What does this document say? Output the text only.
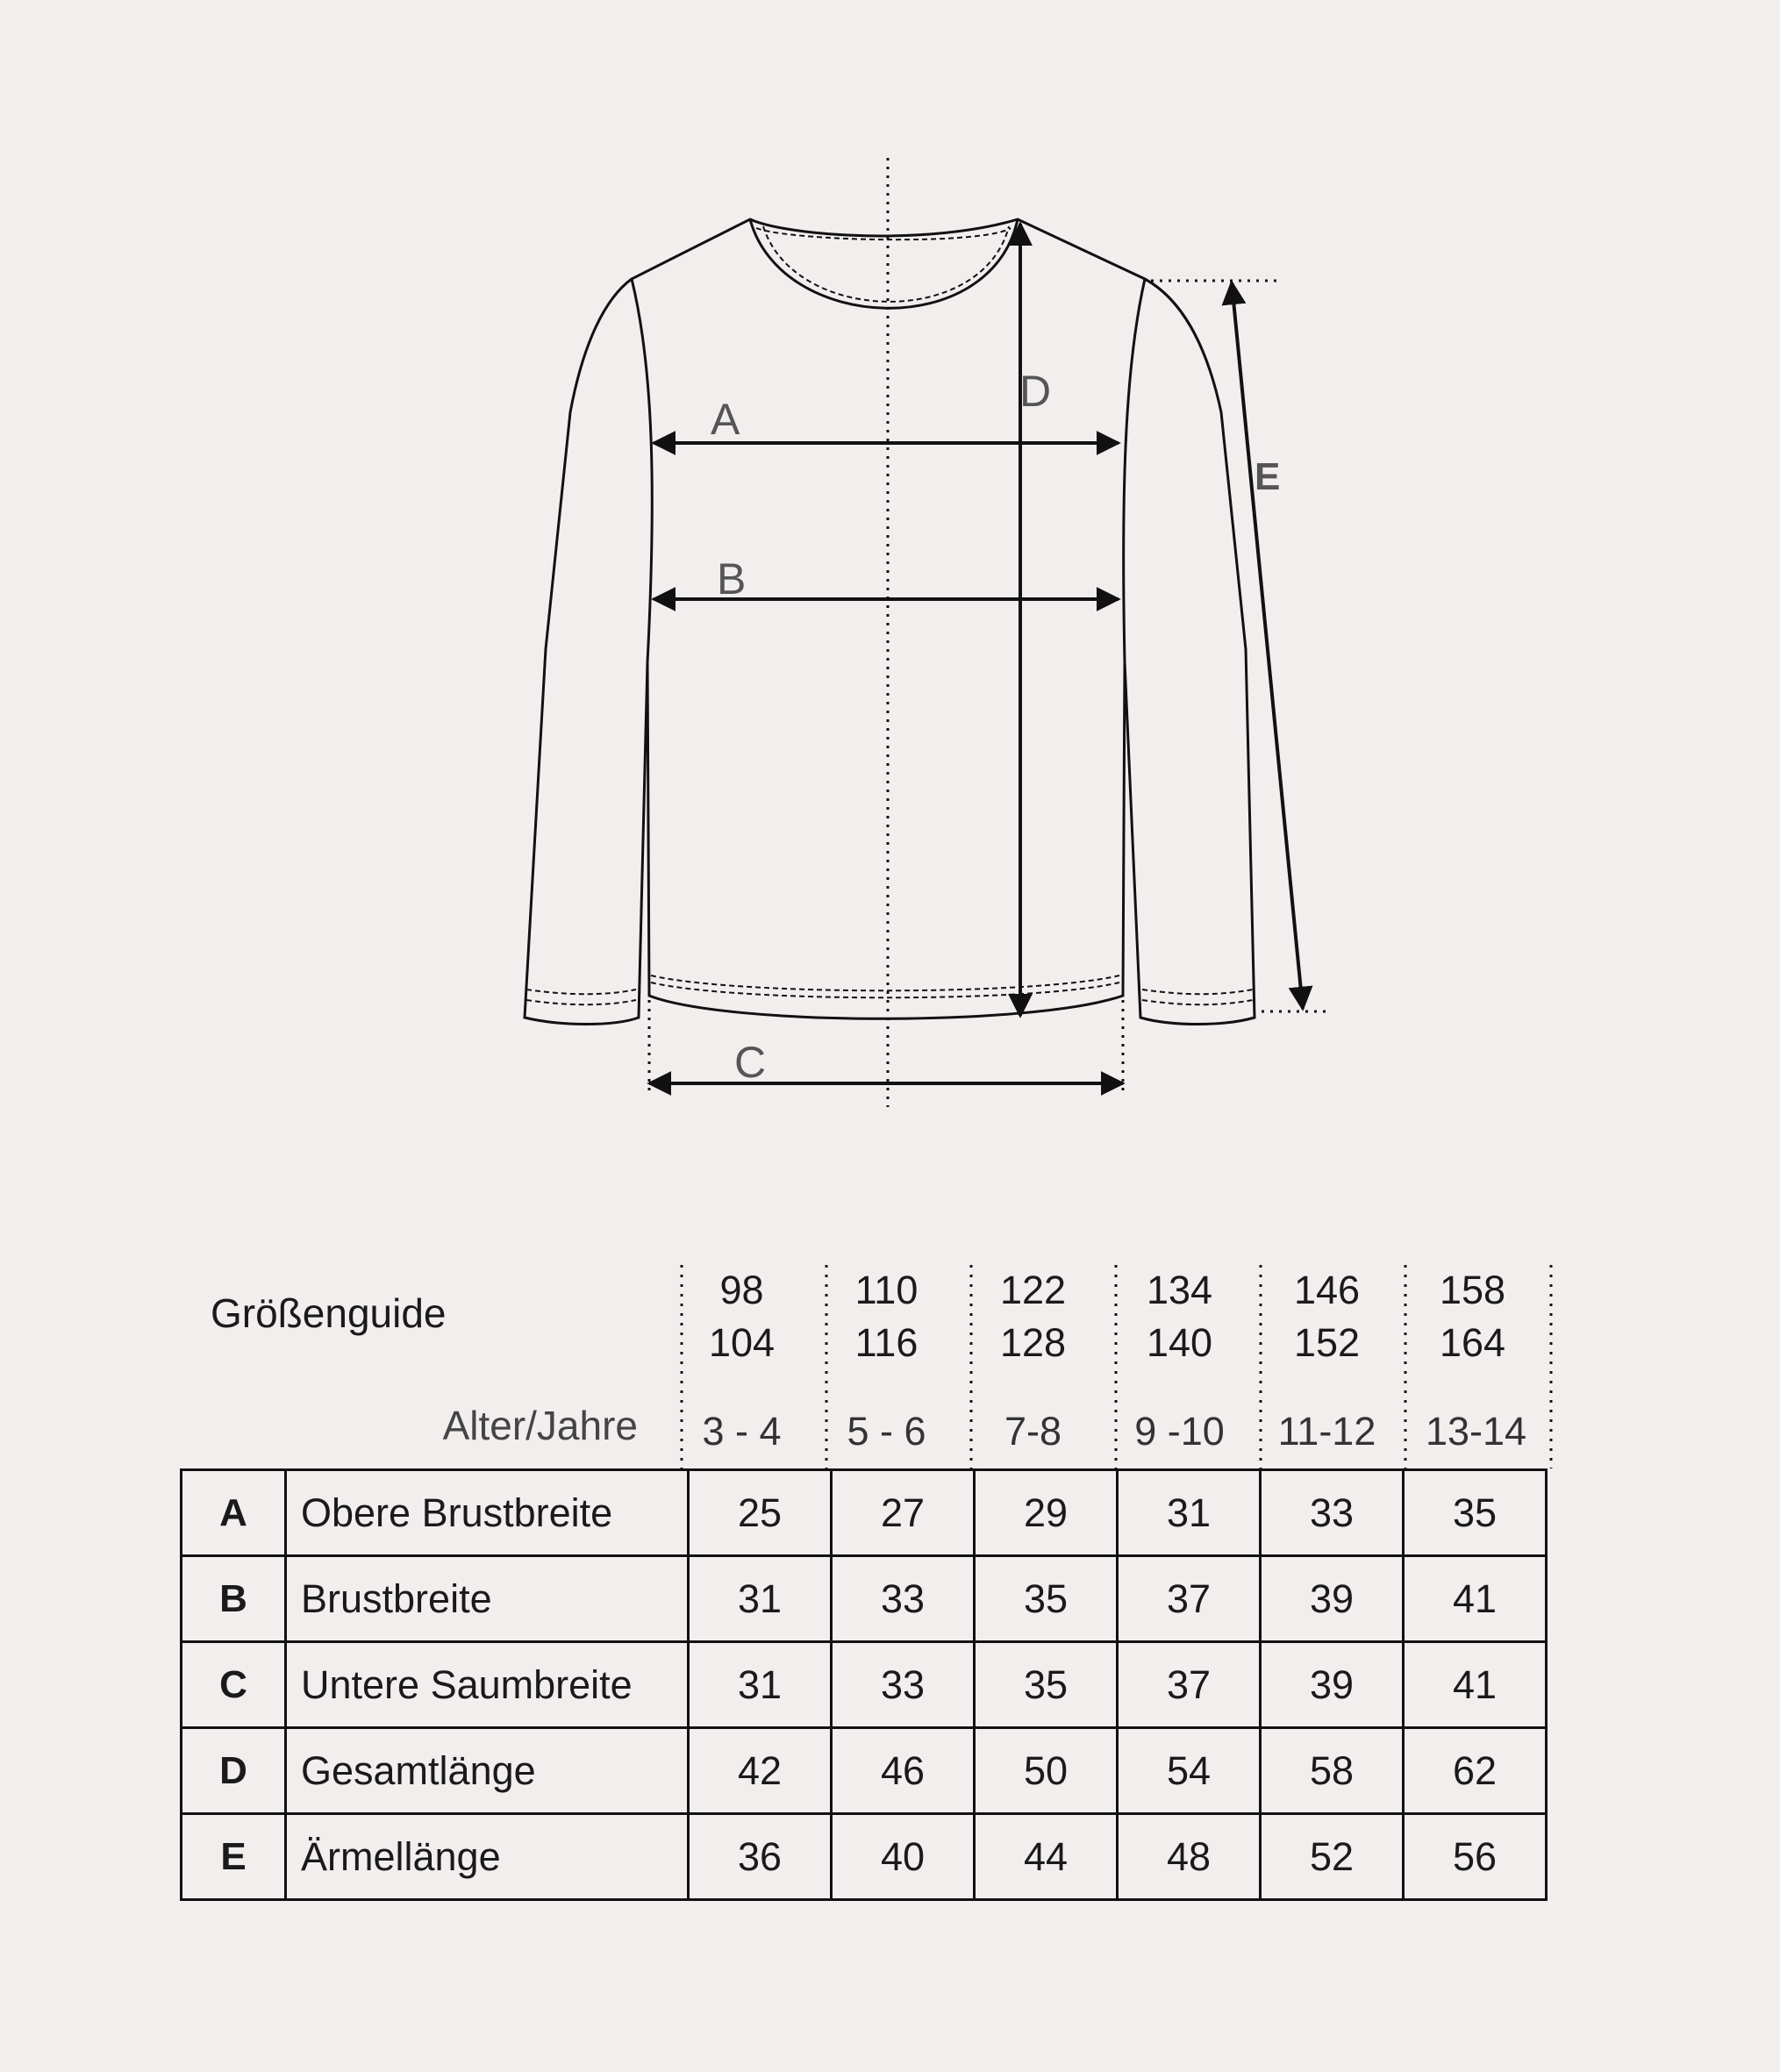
A
B
C
D
E
Größenguide
Alter/Jahre
98	110	122	134	146	158
104	116	128	140	152	164
3 - 4	5 - 6	7-8	9 -10	11-12	13-14
A	Obere Brustbreite	25	27	29	31	33	35
B	Brustbreite	31	33	35	37	39	41
C	Untere Saumbreite	31	33	35	37	39	41
D	Gesamtlänge	42	46	50	54	58	62
E	Ärmellänge	36	40	44	48	52	56
